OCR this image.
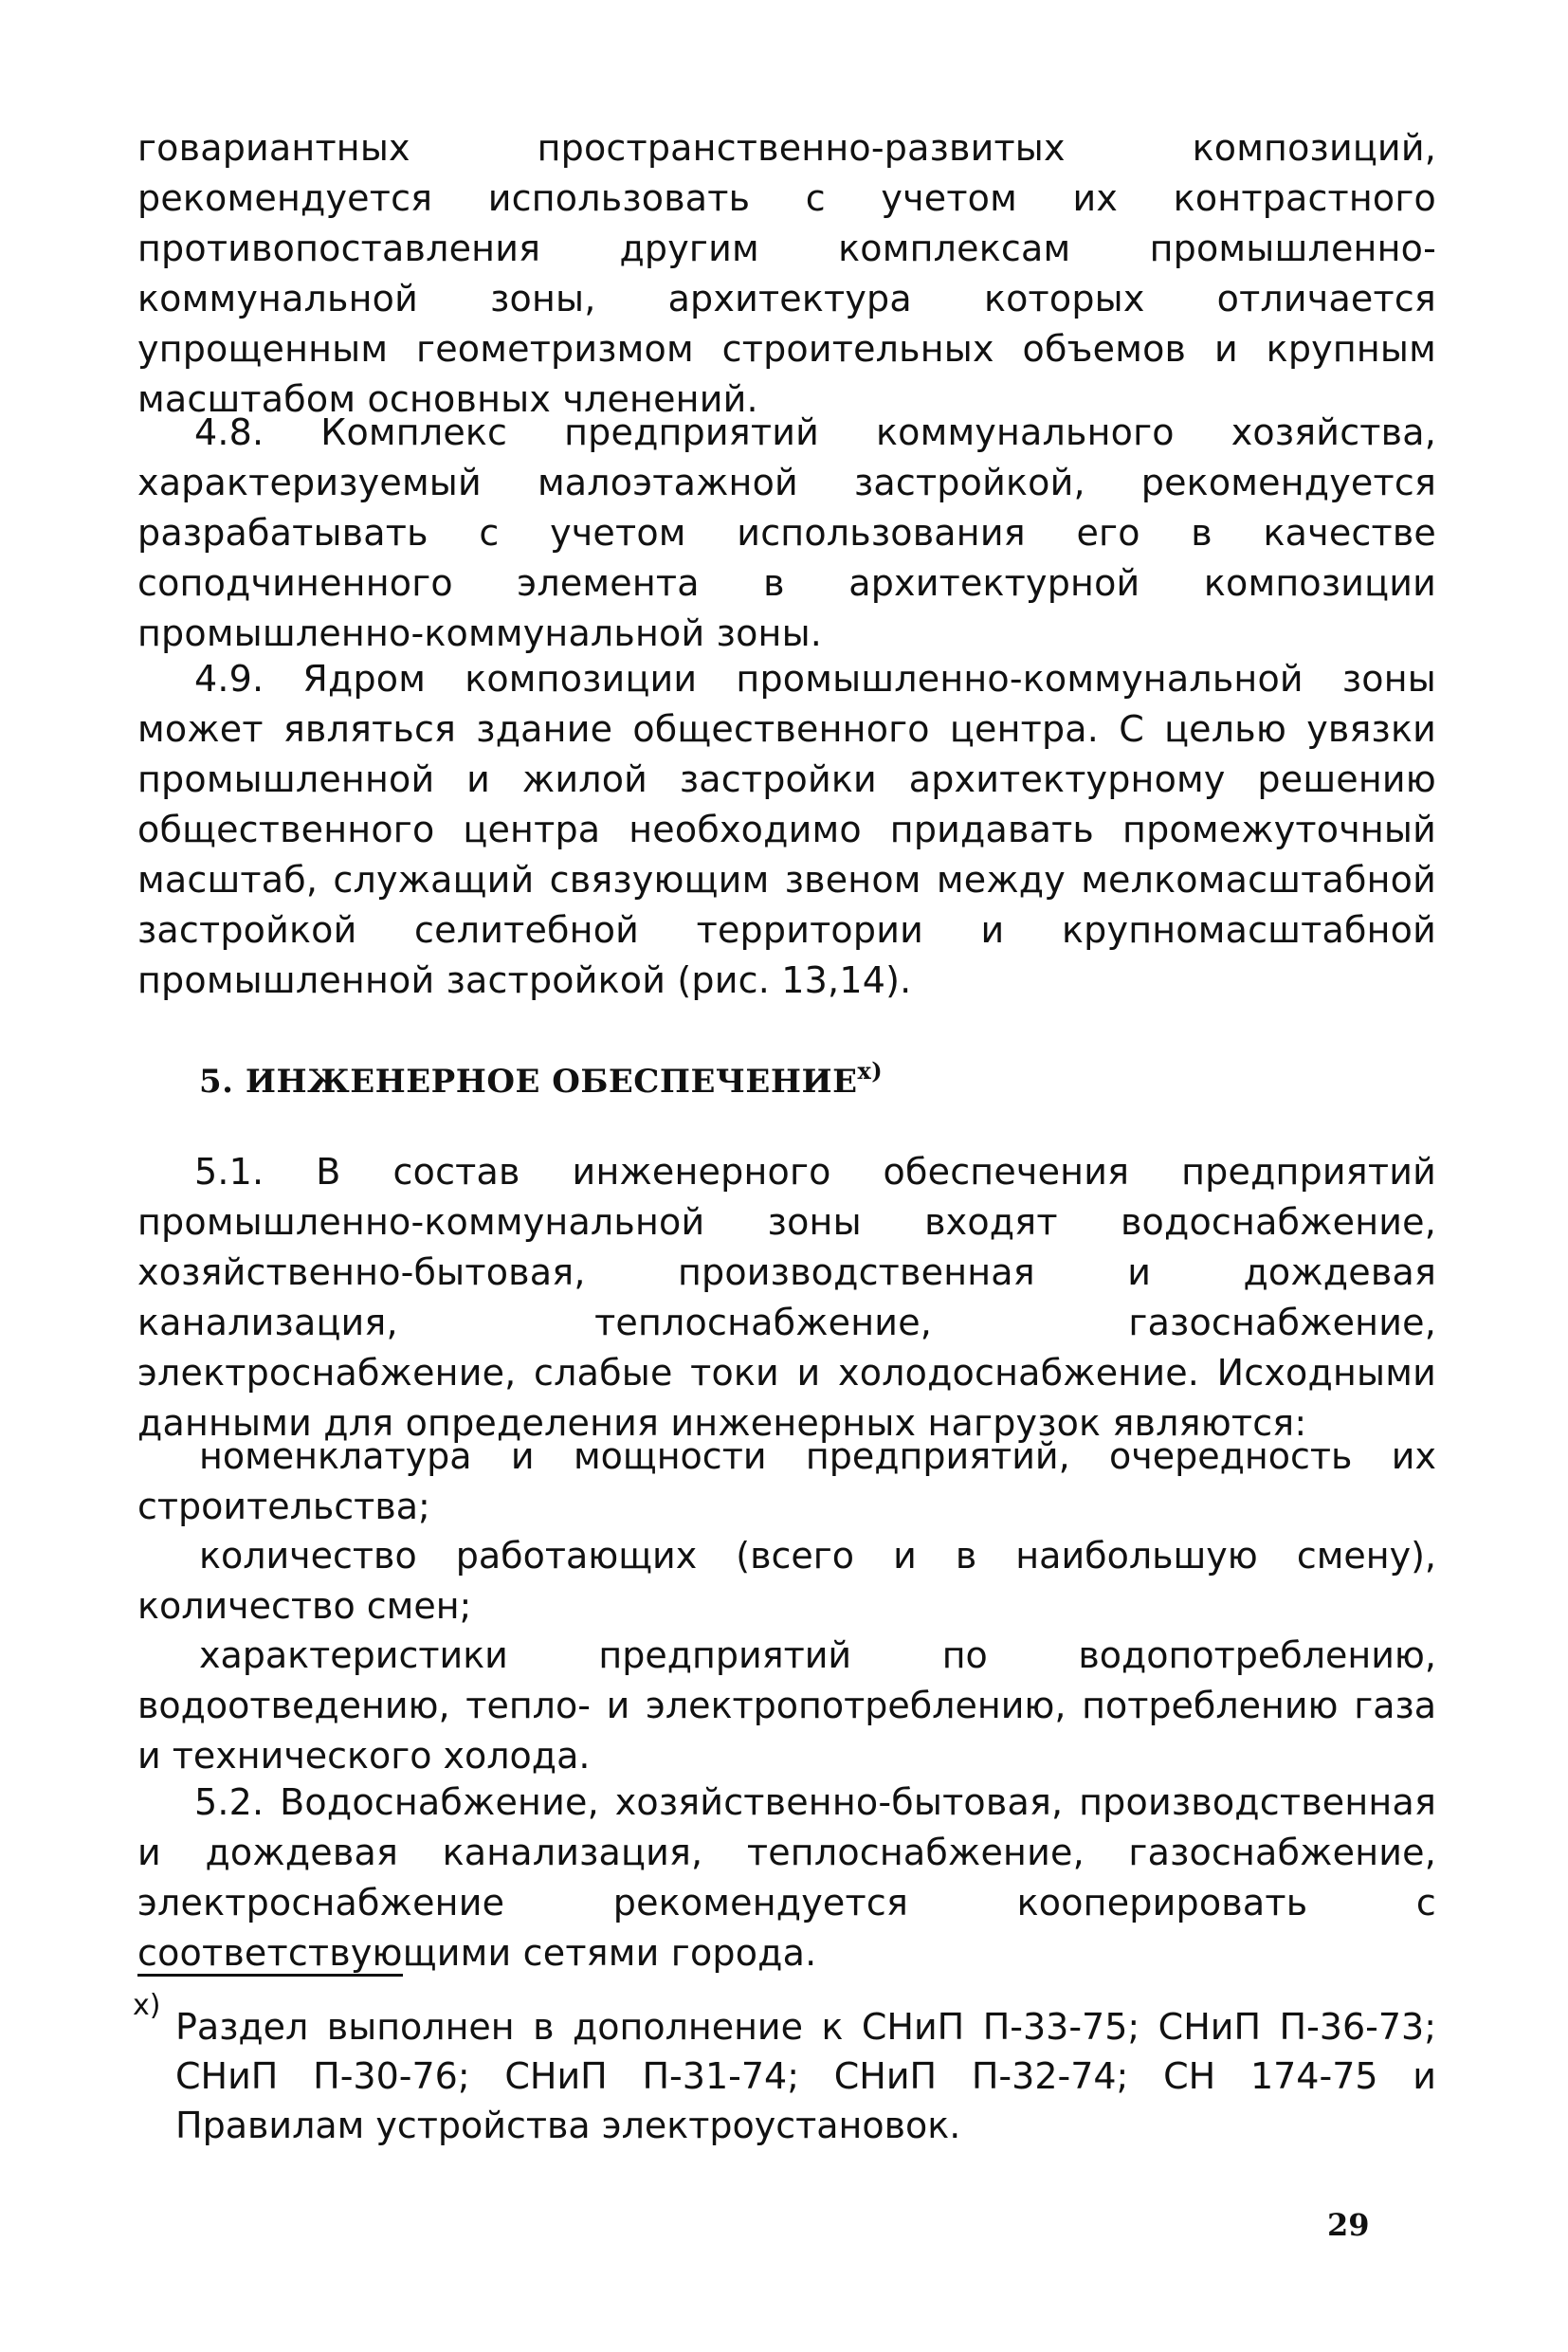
говариантных пространственно-развитых композиций, рекомендуется использовать с учетом их контрастного противопоставления другим комплексам промышленно-коммунальной зоны, архитектура которых отличается упрощенным геометризмом строительных объемов и крупным масштабом основных членений.
4.8. Комплекс предприятий коммунального хозяйства, характеризуемый малоэтажной застройкой, рекомендуется разрабатывать с учетом использования его в качестве соподчиненного элемента в архитектурной композиции промышленно-коммунальной зоны.
4.9. Ядром композиции промышленно-коммунальной зоны может являться здание общественного центра. С целью увязки промышленной и жилой застройки архитектурному решению общественного центра необходимо придавать промежуточный масштаб, служащий связующим звеном между мелкомасштабной застройкой селитебной территории и крупномасштабной промышленной застройкой (рис. 13,14).
5. ИНЖЕНЕРНОЕ ОБЕСПЕЧЕНИЕ$^{x)}$
5.1. В состав инженерного обеспечения предприятий промышленно-коммунальной зоны входят водоснабжение, хозяйственно-бытовая, производственная и дождевая канализация, теплоснабжение, газоснабжение, электроснабжение, слабые токи и холодоснабжение. Исходными данными для определения инженерных нагрузок являются:
номенклатура и мощности предприятий, очередность их строительства;
количество работающих (всего и в наибольшую смену), количество смен;
характеристики предприятий по водопотреблению, водоотведению, тепло- и электропотреблению, потреблению газа и технического холода.
5.2. Водоснабжение, хозяйственно-бытовая, производственная и дождевая канализация, теплоснабжение, газоснабжение, электроснабжение рекомендуется кооперировать с соответствующими сетями города.
x)
Раздел выполнен в дополнение к СНиП П-33-75; СНиП П-36-73; СНиП П-30-76; СНиП П-31-74; СНиП П-32-74; СН 174-75 и Правилам устройства электроустановок.
29
